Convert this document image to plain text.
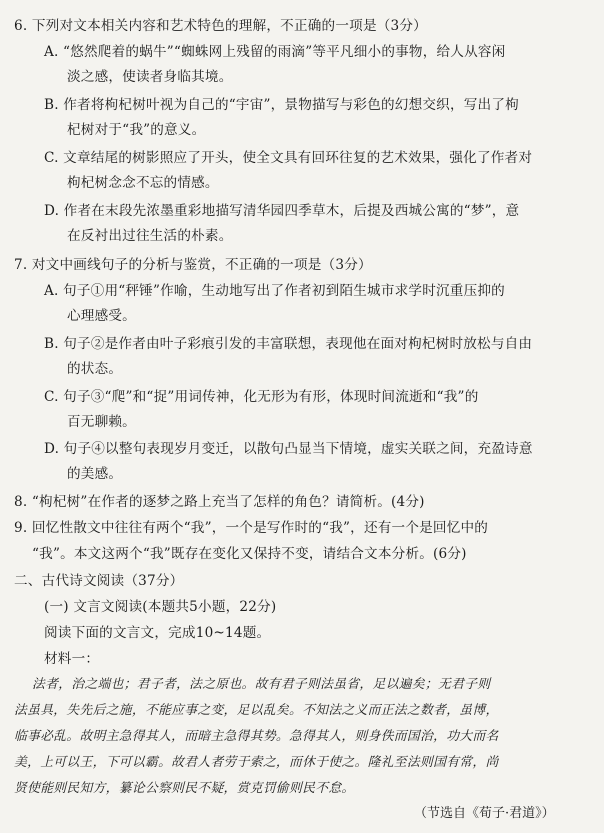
6. 下列对文本相关内容和艺术特色的理解，不正确的一项是（3分）
A. “悠然爬着的蜗牛”“蜘蛛网上残留的雨滴”等平凡细小的事物，给人从容闲
淡之感，使读者身临其境。
B. 作者将枸杞树叶视为自己的“宇宙”，景物描写与彩色的幻想交织，写出了枸
杞树对于“我”的意义。
C. 文章结尾的树影照应了开头，使全文具有回环往复的艺术效果，强化了作者对
枸杞树念念不忘的情感。
D. 作者在末段先浓墨重彩地描写清华园四季草木，后提及西城公寓的“梦”，意
在反衬出过往生活的朴素。
7. 对文中画线句子的分析与鉴赏，不正确的一项是（3分）
A. 句子①用“秤锤”作喻，生动地写出了作者初到陌生城市求学时沉重压抑的
心理感受。
B. 句子②是作者由叶子彩痕引发的丰富联想，表现他在面对枸杞树时放松与自由
的状态。
C. 句子③“爬”和“捉”用词传神，化无形为有形，体现时间流逝和“我”的
百无聊赖。
D. 句子④以整句表现岁月变迁，以散句凸显当下情境，虚实关联之间，充盈诗意
的美感。
8. “枸杞树”在作者的逐梦之路上充当了怎样的角色？请简析。(4分)
9. 回忆性散文中往往有两个“我”，一个是写作时的“我”，还有一个是回忆中的
“我”。本文这两个“我”既存在变化又保持不变，请结合文本分析。(6分)
二、古代诗文阅读（37分）
(一) 文言文阅读(本题共5小题，22分)
阅读下面的文言文，完成10~14题。
材料一：
法者，治之端也；君子者，法之原也。故有君子则法虽省，足以遍矣；无君子则
法虽具，失先后之施，不能应事之变，足以乱矣。不知法之义而正法之数者，虽博，
临事必乱。故明主急得其人，而暗主急得其势。急得其人，则身佚而国治，功大而名
美，上可以王，下可以霸。故君人者劳于索之，而休于使之。隆礼至法则国有常，尚
贤使能则民知方，纂论公察则民不疑，赏克罚偷则民不怠。
（节选自《荀子·君道》）
